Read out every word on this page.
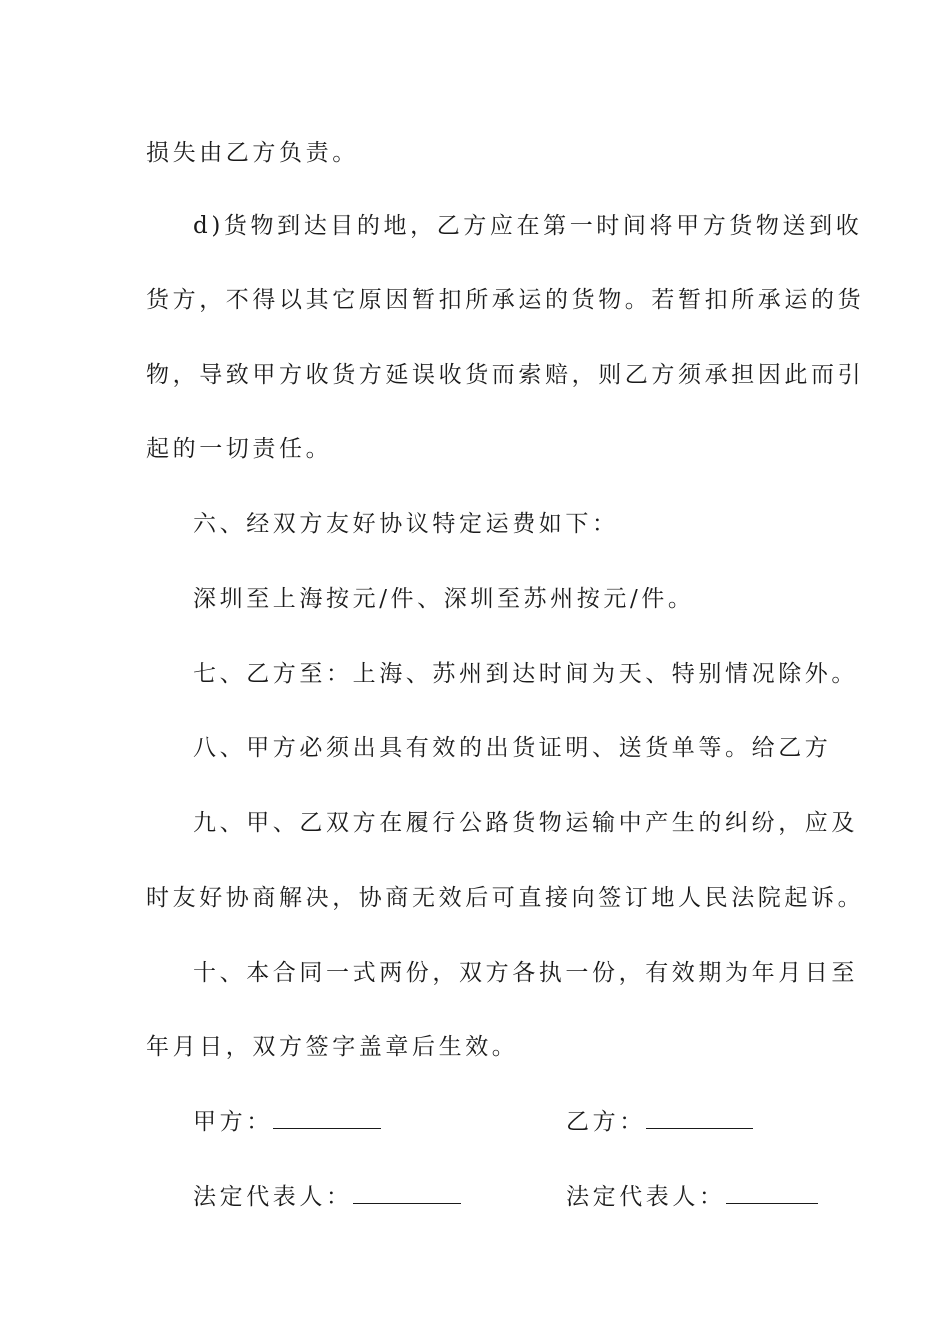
损失由乙方负责。
d)货物到达目的地，乙方应在第一时间将甲方货物送到收
货方，不得以其它原因暂扣所承运的货物。若暂扣所承运的货
物，导致甲方收货方延误收货而索赔，则乙方须承担因此而引
起的一切责任。
六、经双方友好协议特定运费如下：
深圳至上海按元/件、深圳至苏州按元/件。
七、乙方至：上海、苏州到达时间为天、特别情况除外。
八、甲方必须出具有效的出货证明、送货单等。给乙方
九、甲、乙双方在履行公路货物运输中产生的纠纷，应及
时友好协商解决，协商无效后可直接向签订地人民法院起诉。
十、本合同一式两份，双方各执一份，有效期为年月日至
年月日，双方签字盖章后生效。
甲方：	乙方：
法定代表人：	法定代表人：
